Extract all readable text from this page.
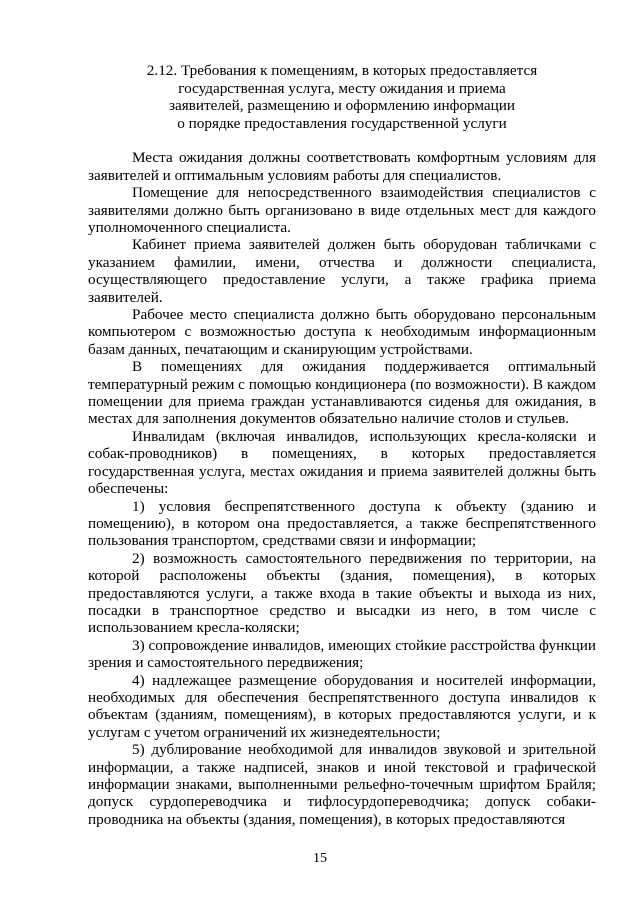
2.12. Требования к помещениям, в которых предоставляется
государственная услуга, месту ожидания и приема
заявителей, размещению и оформлению информации
о порядке предоставления государственной услуги

Места ожидания должны соответствовать комфортным условиям для заявителей и оптимальным условиям работы для специалистов.

Помещение для непосредственного взаимодействия специалистов с заявителями должно быть организовано в виде отдельных мест для каждого уполномоченного специалиста.

Кабинет приема заявителей должен быть оборудован табличками с указанием фамилии, имени, отчества и должности специалиста, осуществляющего предоставление услуги, а также графика приема заявителей.

Рабочее место специалиста должно быть оборудовано персональным компьютером с возможностью доступа к необходимым информационным базам данных, печатающим и сканирующим устройствами.

В помещениях для ожидания поддерживается оптимальный температурный режим с помощью кондиционера (по возможности). В каждом помещении для приема граждан устанавливаются сиденья для ожидания, в местах для заполнения документов обязательно наличие столов и стульев.

Инвалидам (включая инвалидов, использующих кресла-коляски и собак-проводников) в помещениях, в которых предоставляется государственная услуга, местах ожидания и приема заявителей должны быть обеспечены:

1) условия беспрепятственного доступа к объекту (зданию и помещению), в котором она предоставляется, а также беспрепятственного пользования транспортом, средствами связи и информации;

2) возможность самостоятельного передвижения по территории, на которой расположены объекты (здания, помещения), в которых предоставляются услуги, а также входа в такие объекты и выхода из них, посадки в транспортное средство и высадки из него, в том числе с использованием кресла-коляски;

3) сопровождение инвалидов, имеющих стойкие расстройства функции зрения и самостоятельного передвижения;

4) надлежащее размещение оборудования и носителей информации, необходимых для обеспечения беспрепятственного доступа инвалидов к объектам (зданиям, помещениям), в которых предоставляются услуги, и к услугам с учетом ограничений их жизнедеятельности;

5) дублирование необходимой для инвалидов звуковой и зрительной информации, а также надписей, знаков и иной текстовой и графической информации знаками, выполненными рельефно-точечным шрифтом Брайля; допуск сурдопереводчика и тифлосурдопереводчика; допуск собаки-проводника на объекты (здания, помещения), в которых предоставляются

15
